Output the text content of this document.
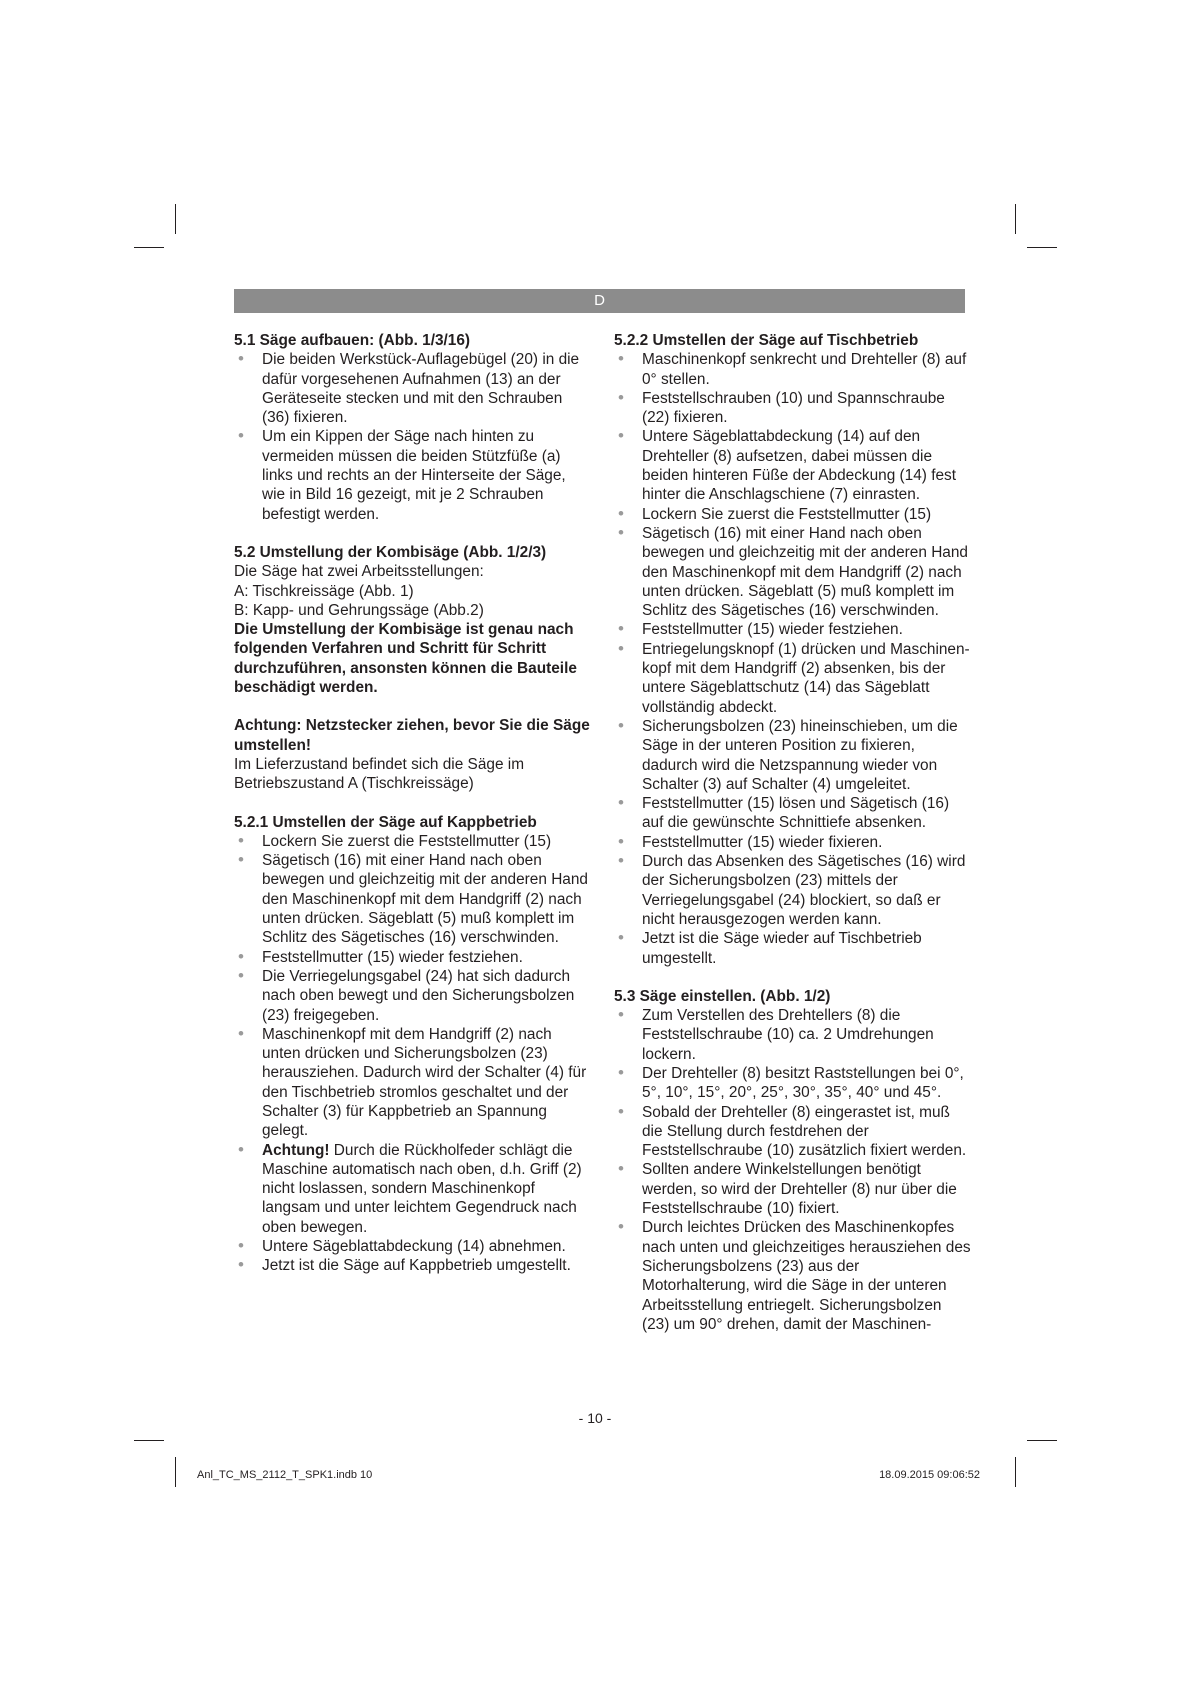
D
5.1 Säge aufbauen: (Abb. 1/3/16)
• Die beiden Werkstück-Auflagebügel (20) in die dafür vorgesehenen Aufnahmen (13) an der Geräteseite stecken und mit den Schrauben (36) fixieren.
• Um ein Kippen der Säge nach hinten zu vermeiden müssen die beiden Stützfüße (a) links und rechts an der Hinterseite der Säge, wie in Bild 16 gezeigt, mit je 2 Schrauben befestigt werden.
5.2 Umstellung der Kombisäge (Abb. 1/2/3)
Die Säge hat zwei Arbeitsstellungen:
A: Tischkreissäge (Abb. 1)
B: Kapp- und Gehrungssäge (Abb.2)
Die Umstellung der Kombisäge ist genau nach folgenden Verfahren und Schritt für Schritt durchzuführen, ansonsten können die Bauteile beschädigt werden.
Achtung: Netzstecker ziehen, bevor Sie die Säge umstellen!
Im Lieferzustand befindet sich die Säge im Betriebszustand A (Tischkreissäge)
5.2.1 Umstellen der Säge auf Kappbetrieb
• Lockern Sie zuerst die Feststellmutter (15)
• Sägetisch (16) mit einer Hand nach oben bewegen und gleichzeitig mit der anderen Hand den Maschinenkopf mit dem Handgriff (2) nach unten drücken. Sägeblatt (5) muß komplett im Schlitz des Sägetisches (16) verschwinden.
• Feststellmutter (15) wieder festziehen.
• Die Verriegelungsgabel (24) hat sich dadurch nach oben bewegt und den Sicherungsbolzen (23) freigegeben.
• Maschinenkopf mit dem Handgriff (2) nach unten drücken und Sicherungsbolzen (23) herausziehen. Dadurch wird der Schalter (4) für den Tischbetrieb stromlos geschaltet und der Schalter (3) für Kappbetrieb an Spannung gelegt.
• Achtung! Durch die Rückholfeder schlägt die Maschine automatisch nach oben, d.h. Griff (2) nicht loslassen, sondern Maschinenkopf langsam und unter leichtem Gegendruck nach oben bewegen.
• Untere Sägeblattabdeckung (14) abnehmen.
• Jetzt ist die Säge auf Kappbetrieb umgestellt.
5.2.2 Umstellen der Säge auf Tischbetrieb
• Maschinenkopf senkrecht und Drehteller (8) auf 0° stellen.
• Feststellschrauben (10) und Spannschraube (22) fixieren.
• Untere Sägeblattabdeckung (14) auf den Drehteller (8) aufsetzen, dabei müssen die beiden hinteren Füße der Abdeckung (14) fest hinter die Anschlagschiene (7) einrasten.
• Lockern Sie zuerst die Feststellmutter (15)
• Sägetisch (16) mit einer Hand nach oben bewegen und gleichzeitig mit der anderen Hand den Maschinenkopf mit dem Handgriff (2) nach unten drücken. Sägeblatt (5) muß komplett im Schlitz des Sägetisches (16) verschwinden.
• Feststellmutter (15) wieder festziehen.
• Entriegelungsknopf (1) drücken und Maschinen-kopf mit dem Handgriff (2) absenken, bis der untere Sägeblattschutz (14) das Sägeblatt vollständig abdeckt.
• Sicherungsbolzen (23) hineinschieben, um die Säge in der unteren Position zu fixieren, dadurch wird die Netzspannung wieder von Schalter (3) auf Schalter (4) umgeleitet.
• Feststellmutter (15) lösen und Sägetisch (16) auf die gewünschte Schnittiefe absenken.
• Feststellmutter (15) wieder fixieren.
• Durch das Absenken des Sägetisches (16) wird der Sicherungsbolzen (23) mittels der Verriegelungsgabel (24) blockiert, so daß er nicht herausgezogen werden kann.
• Jetzt ist die Säge wieder auf Tischbetrieb umgestellt.
5.3 Säge einstellen. (Abb. 1/2)
• Zum Verstellen des Drehtellers (8) die Feststellschraube (10) ca. 2 Umdrehungen lockern.
• Der Drehteller (8) besitzt Raststellungen bei 0°, 5°, 10°, 15°, 20°, 25°, 30°, 35°, 40° und 45°.
• Sobald der Drehteller (8) eingerastet ist, muß die Stellung durch festdrehen der Feststellschraube (10) zusätzlich fixiert werden.
• Sollten andere Winkelstellungen benötigt werden, so wird der Drehteller (8) nur über die Feststellschraube (10) fixiert.
• Durch leichtes Drücken des Maschinenkopfes nach unten und gleichzeitiges herausziehen des Sicherungsbolzens (23) aus der Motorhalterung, wird die Säge in der unteren Arbeitsstellung entriegelt. Sicherungsbolzen (23) um 90° drehen, damit der Maschinen-
- 10 -
Anl_TC_MS_2112_T_SPK1.indb 10	18.09.2015 09:06:52
